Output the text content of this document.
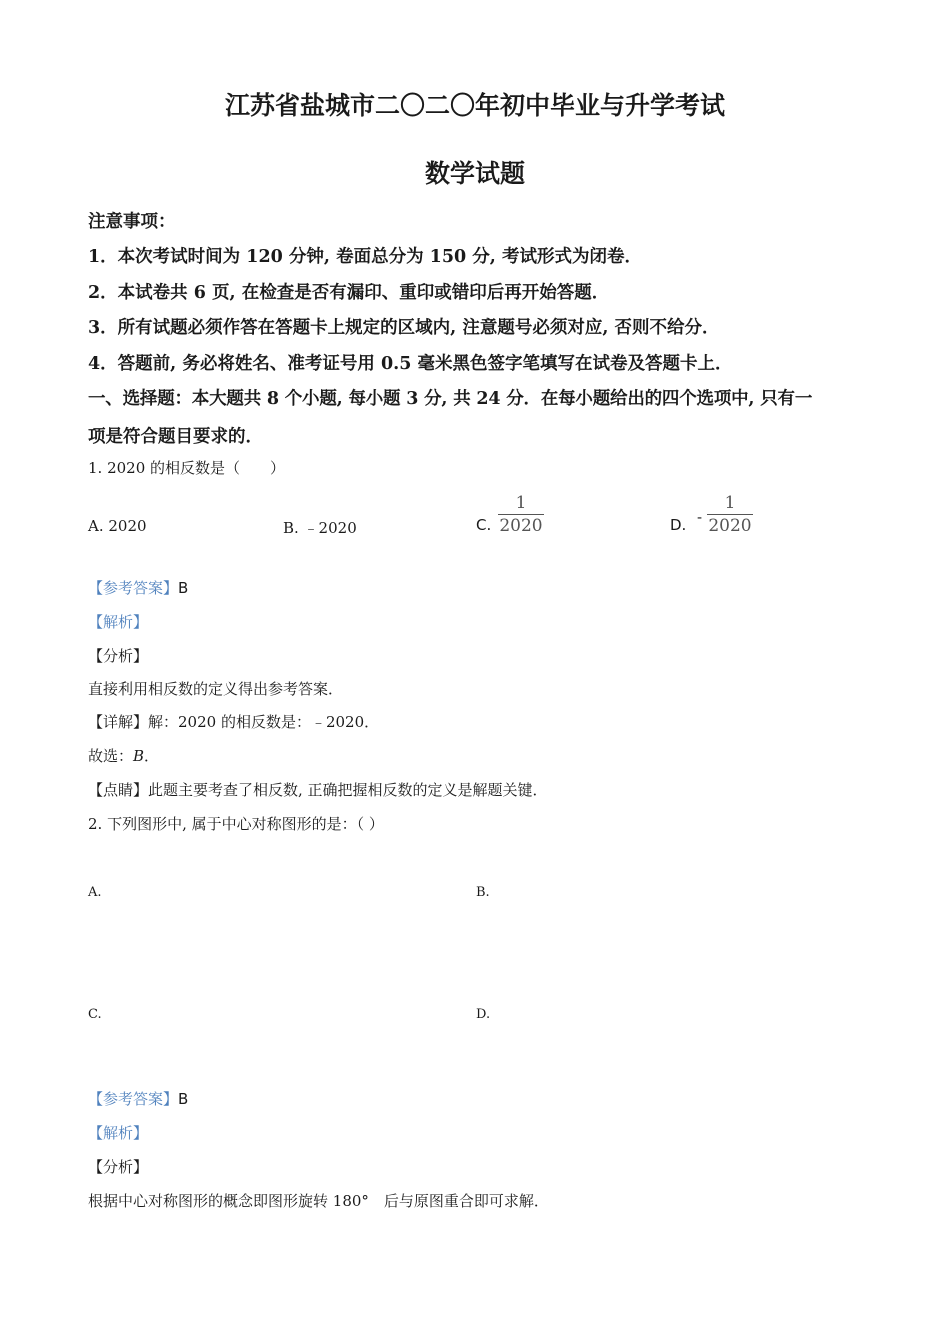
江苏省盐城市二〇二〇年初中毕业与升学考试
数学试题
注意事项：
1．本次考试时间为 120 分钟, 卷面总分为 150 分, 考试形式为闭卷．
2．本试卷共 6 页, 在检查是否有漏印、重印或错印后再开始答题．
3．所有试题必须作答在答题卡上规定的区域内, 注意题号必须对应, 否则不给分．
4．答题前, 务必将姓名、准考证号用 0.5 毫米黑色签字笔填写在试卷及答题卡上．
一、选择题：本大题共 8 个小题, 每小题 3 分, 共 24 分．在每小题给出的四个选项中, 只有一
项是符合题目要求的．
1. 2020 的相反数是（　　）
A. 2020	B. ﹣2020	C.
1
2020	D. -
1
2020
【参考答案】B
【解析】
【分析】
直接利用相反数的定义得出参考答案．
【详解】解：2020 的相反数是：﹣2020．
故选：B．
【点睛】此题主要考查了相反数, 正确把握相反数的定义是解题关键．
2. 下列图形中, 属于中心对称图形的是：（ ）
A.	B.
C.	D.
【参考答案】B
【解析】
【分析】
根据中心对称图形的概念即图形旋转 180°　后与原图重合即可求解．
